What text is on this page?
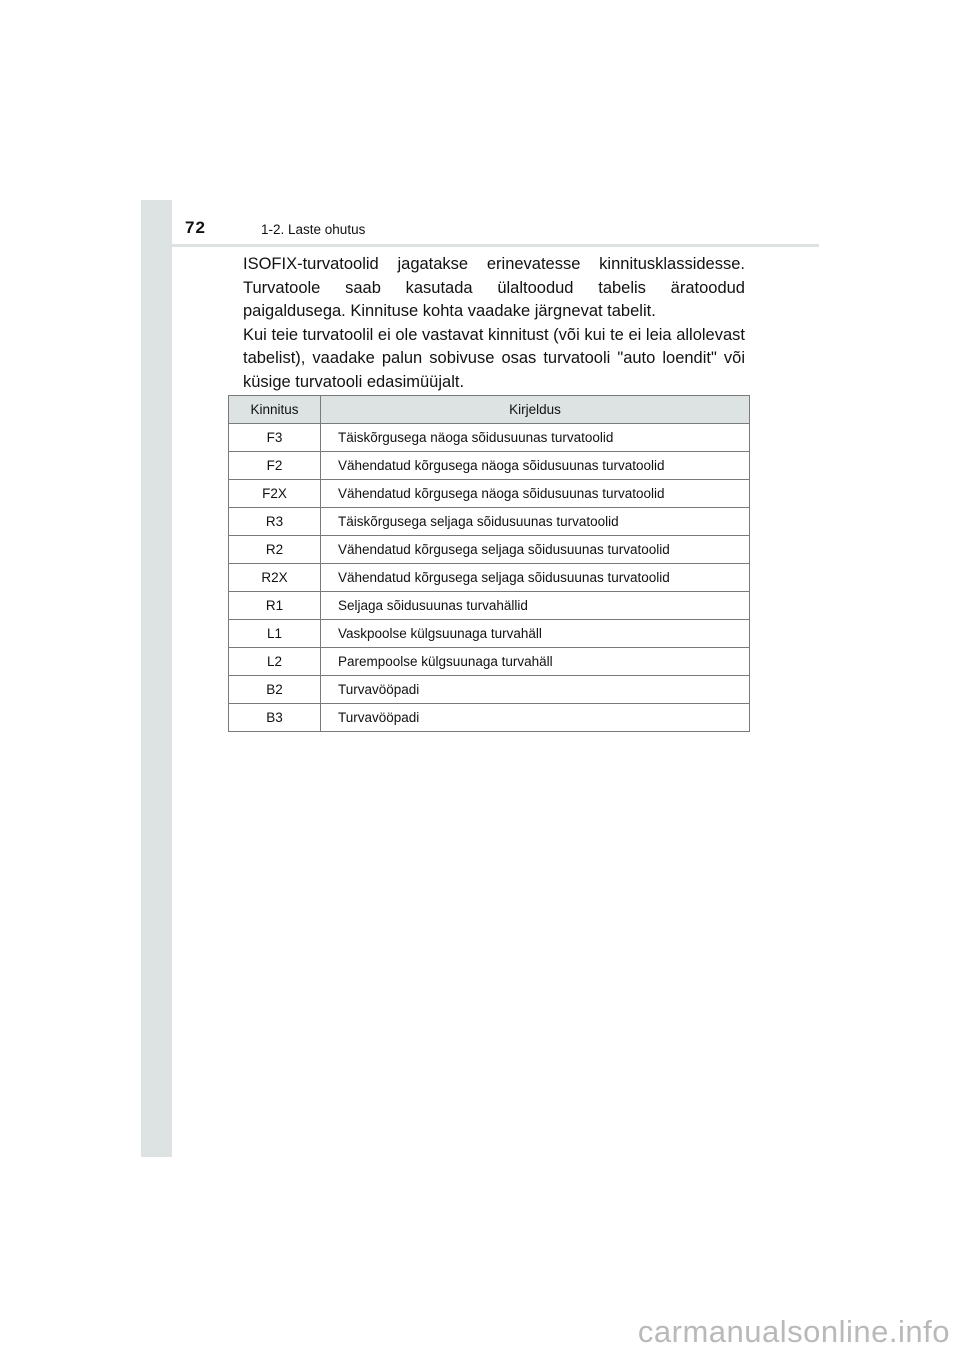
72	1-2. Laste ohutus

ISOFIX-turvatoolid jagatakse erinevatesse kinnitusklassidesse. Turvatoole saab kasutada ülaltoodud tabelis äratoodud paigaldusega. Kinnituse kohta vaadake järgnevat tabelit.

Kui teie turvatoolil ei ole vastavat kinnitust (või kui te ei leia allolevast tabelist), vaadake palun sobivuse osas turvatooli "auto loendit" või küsige turvatooli edasimüüjalt.

Kinnitus	Kirjeldus
F3	Täiskõrgusega näoga sõidusuunas turvatoolid
F2	Vähendatud kõrgusega näoga sõidusuunas turvatoolid
F2X	Vähendatud kõrgusega näoga sõidusuunas turvatoolid
R3	Täiskõrgusega seljaga sõidusuunas turvatoolid
R2	Vähendatud kõrgusega seljaga sõidusuunas turvatoolid
R2X	Vähendatud kõrgusega seljaga sõidusuunas turvatoolid
R1	Seljaga sõidusuunas turvahällid
L1	Vaskpoolse külgsuunaga turvahäll
L2	Parempoolse külgsuunaga turvahäll
B2	Turvavööpadi
B3	Turvavööpadi
carmanualsonline.info
